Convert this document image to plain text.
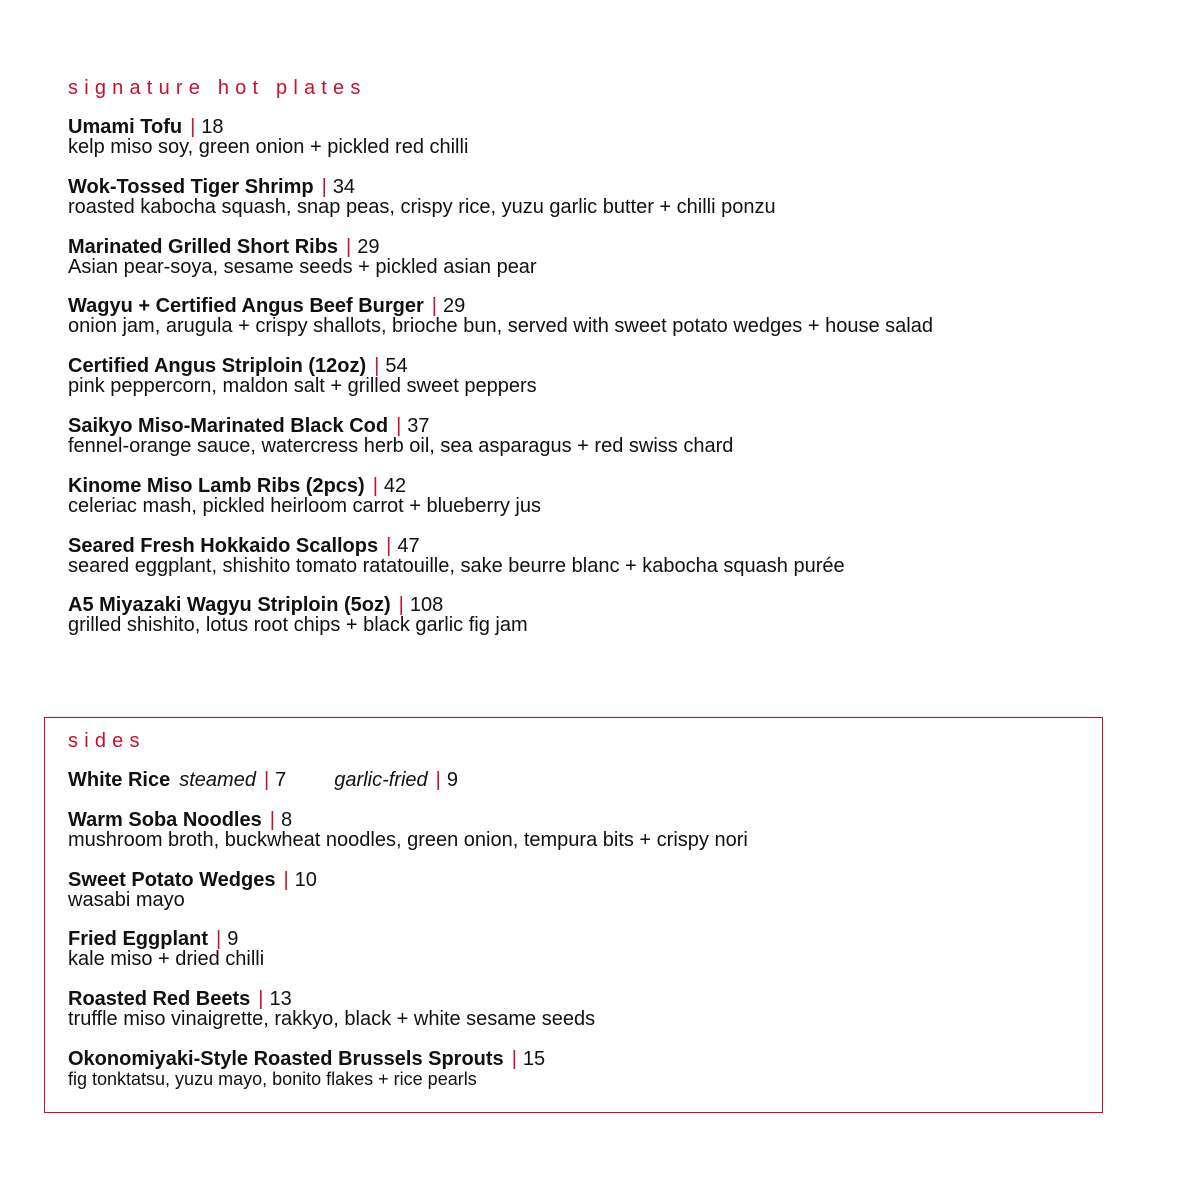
signature hot plates
Umami Tofu | 18
kelp miso soy, green onion + pickled red chilli
Wok-Tossed Tiger Shrimp | 34
roasted kabocha squash, snap peas, crispy rice, yuzu garlic butter + chilli ponzu
Marinated Grilled Short Ribs | 29
Asian pear-soya, sesame seeds + pickled asian pear
Wagyu + Certified Angus Beef Burger | 29
onion jam, arugula + crispy shallots, brioche bun, served with sweet potato wedges + house salad
Certified Angus Striploin (12oz) | 54
pink peppercorn, maldon salt + grilled sweet peppers
Saikyo Miso-Marinated Black Cod | 37
fennel-orange sauce, watercress herb oil, sea asparagus + red swiss chard
Kinome Miso Lamb Ribs (2pcs) | 42
celeriac mash, pickled heirloom carrot + blueberry jus
Seared Fresh Hokkaido Scallops | 47
seared eggplant, shishito tomato ratatouille, sake beurre blanc + kabocha squash purée
A5 Miyazaki Wagyu Striploin (5oz) | 108
grilled shishito, lotus root chips + black garlic fig jam
sides
White Rice steamed | 7 garlic-fried | 9
Warm Soba Noodles | 8
mushroom broth, buckwheat noodles, green onion, tempura bits + crispy nori
Sweet Potato Wedges | 10
wasabi mayo
Fried Eggplant | 9
kale miso + dried chilli
Roasted Red Beets | 13
truffle miso vinaigrette, rakkyo, black + white sesame seeds
Okonomiyaki-Style Roasted Brussels Sprouts | 15
fig tonktatsu, yuzu mayo, bonito flakes + rice pearls
